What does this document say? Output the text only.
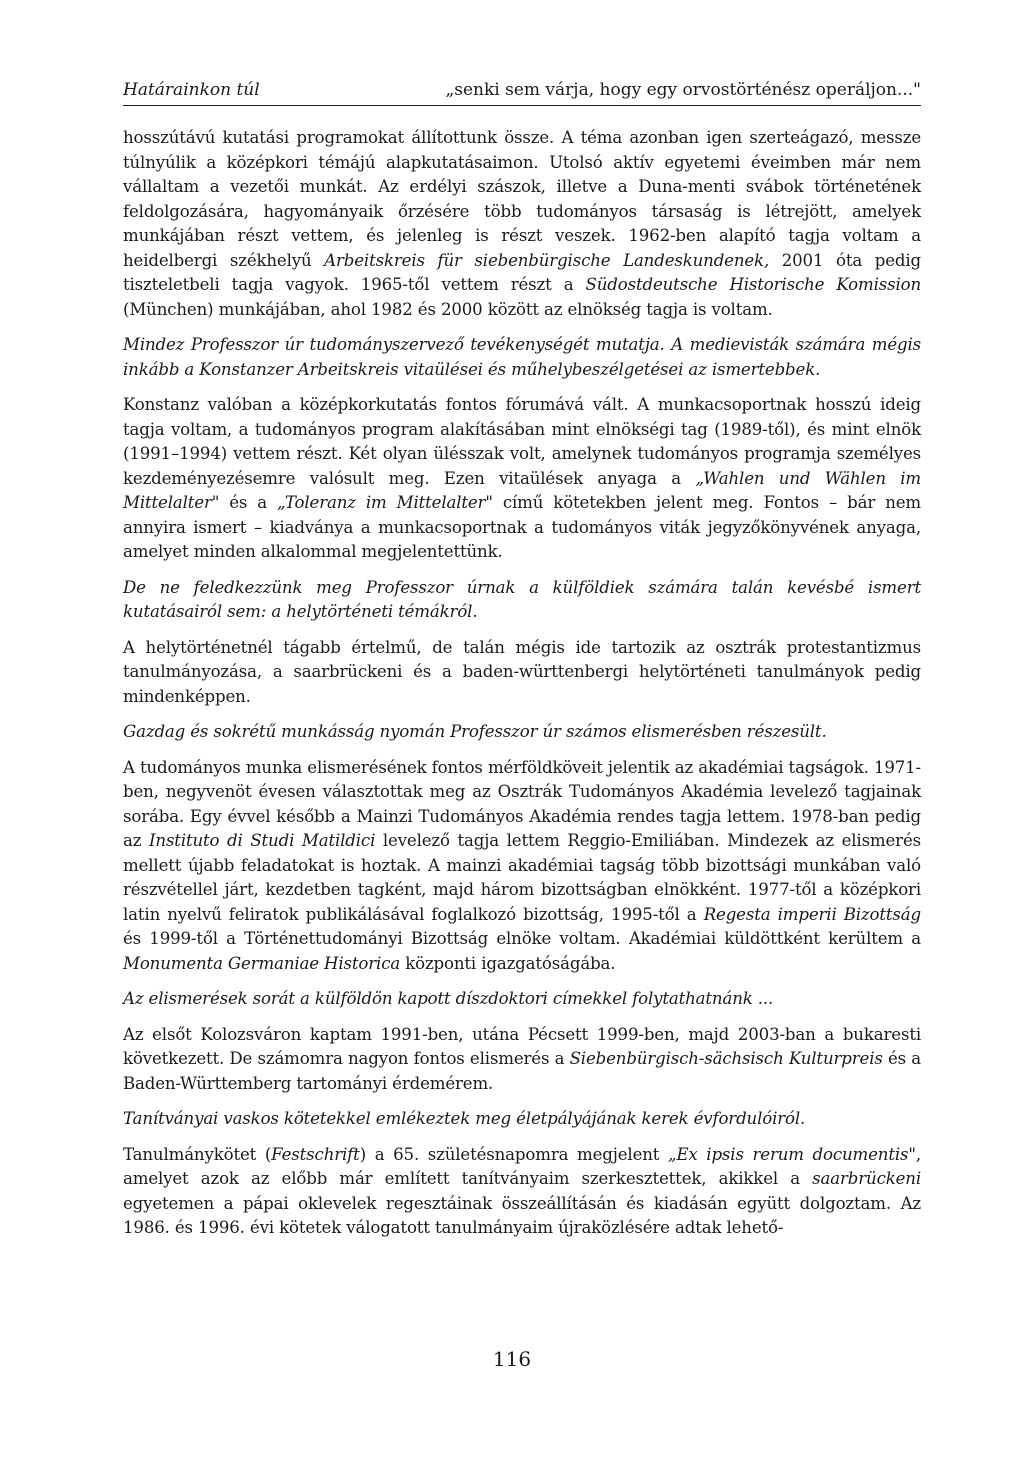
Határainkon túl	„senki sem várja, hogy egy orvostörténész operáljon..."

hosszútávú kutatási programokat állítottunk össze. A téma azonban igen szerteágazó, messze túlnyúlik a középkori témájú alapkutatásaimon. Utolsó aktív egyetemi éveimben már nem vállaltam a vezetői munkát. Az erdélyi szászok, illetve a Duna-menti svábok történetének feldolgozására, hagyományaik őrzésére több tudományos társaság is létrejött, amelyek munkájában részt vettem, és jelenleg is részt veszek. 1962-ben alapító tagja voltam a heidelbergi székhelyű Arbeitskreis für siebenbürgische Landeskundenek, 2001 óta pedig tiszteletbeli tagja vagyok. 1965-től vettem részt a Südostdeutsche Historische Komission (München) munkájában, ahol 1982 és 2000 között az elnökség tagja is voltam.

Mindez Professzor úr tudományszervező tevékenységét mutatja. A medievisták számára mégis inkább a Konstanzer Arbeitskreis vitaülései és műhelybeszélgetései az ismertebbek.

Konstanz valóban a középkorkutatás fontos fórumává vált. A munkacsoportnak hosszú ideig tagja voltam, a tudományos program alakításában mint elnökségi tag (1989-től), és mint elnök (1991–1994) vettem részt. Két olyan ülésszak volt, amelynek tudományos programja személyes kezdeményezésemre valósult meg. Ezen vitaülések anyaga a „Wahlen und Wählen im Mittelalter" és a „Toleranz im Mittelalter" című kötetekben jelent meg. Fontos – bár nem annyira ismert – kiadványa a munkacsoportnak a tudományos viták jegyzőkönyvének anyaga, amelyet minden alkalommal megjelentettünk.

De ne feledkezzünk meg Professzor úrnak a külföldiek számára talán kevésbé ismert kutatásairól sem: a helytörténeti témákról.

A helytörténetnél tágabb értelmű, de talán mégis ide tartozik az osztrák protestantizmus tanulmányozása, a saarbrückeni és a baden-württenbergi helytörténeti tanulmányok pedig mindenképpen.

Gazdag és sokrétű munkásság nyomán Professzor úr számos elismerésben részesült.

A tudományos munka elismerésének fontos mérföldköveit jelentik az akadémiai tagságok. 1971-ben, negyvenöt évesen választottak meg az Osztrák Tudományos Akadémia levelező tagjainak sorába. Egy évvel később a Mainzi Tudományos Akadémia rendes tagja lettem. 1978-ban pedig az Instituto di Studi Matildici levelező tagja lettem Reggio-Emiliában. Mindezek az elismerés mellett újabb feladatokat is hoztak. A mainzi akadémiai tagság több bizottsági munkában való részvétellel járt, kezdetben tagként, majd három bizottságban elnökként. 1977-től a középkori latin nyelvű feliratok publikálásával foglalkozó bizottság, 1995-től a Regesta imperii Bizottság és 1999-től a Történettudományi Bizottság elnöke voltam. Akadémiai küldöttként kerültem a Monumenta Germaniae Historica központi igazgatóságába.

Az elismerések sorát a külföldön kapott díszdoktori címekkel folytathatnánk ...

Az elsőt Kolozsváron kaptam 1991-ben, utána Pécsett 1999-ben, majd 2003-ban a bukaresti következett. De számomra nagyon fontos elismerés a Siebenbürgisch-sächsisch Kulturpreis és a Baden-Württemberg tartományi érdemérem.

Tanítványai vaskos kötetekkel emlékeztek meg életpályájának kerek évfordulóiról.

Tanulmánykötet (Festschrift) a 65. születésnapomra megjelent „Ex ipsis rerum documentis", amelyet azok az előbb már említett tanítványaim szerkesztettek, akikkel a saarbrückeni egyetemen a pápai oklevelek regesztáinak összeállításán és kiadásán együtt dolgoztam. Az 1986. és 1996. évi kötetek válogatott tanulmányaim újraközlésére adtak lehető-

116
